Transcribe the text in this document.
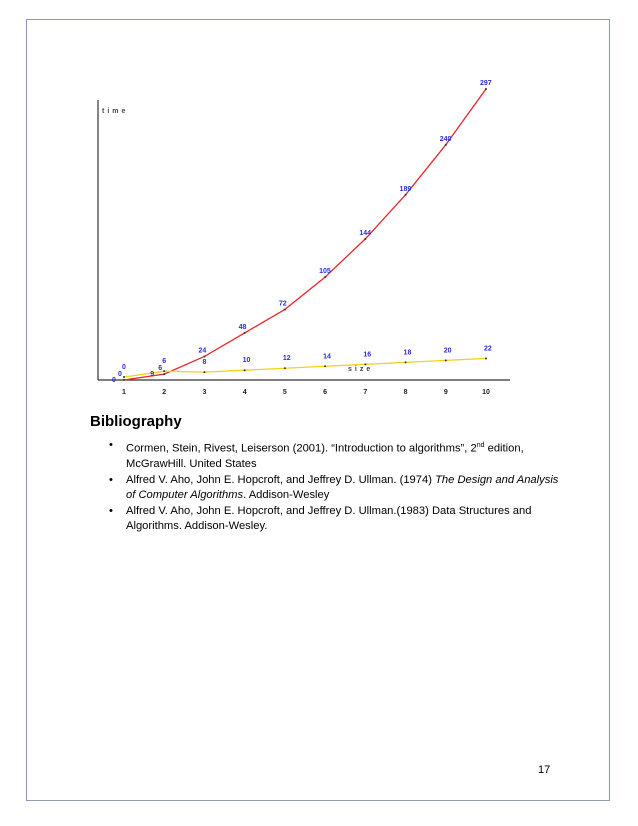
time
size
1	2	3	4	5	6	7	8	9	10
0
6
24
48
72
105
144
189
240
297
0
6	8	10	12	14	16	18	20	22
9
0
Bibliography
• Cormen, Stein, Rivest, Leiserson (2001). “Introduction to algorithms”, 2nd edition, McGrawHill. United States
• Alfred V. Aho, John E. Hopcroft, and Jeffrey D. Ullman. (1974) The Design and Analysis of Computer Algorithms. Addison-Wesley
• Alfred V. Aho, John E. Hopcroft, and Jeffrey D. Ullman.(1983) Data Structures and Algorithms. Addison-Wesley.
17
